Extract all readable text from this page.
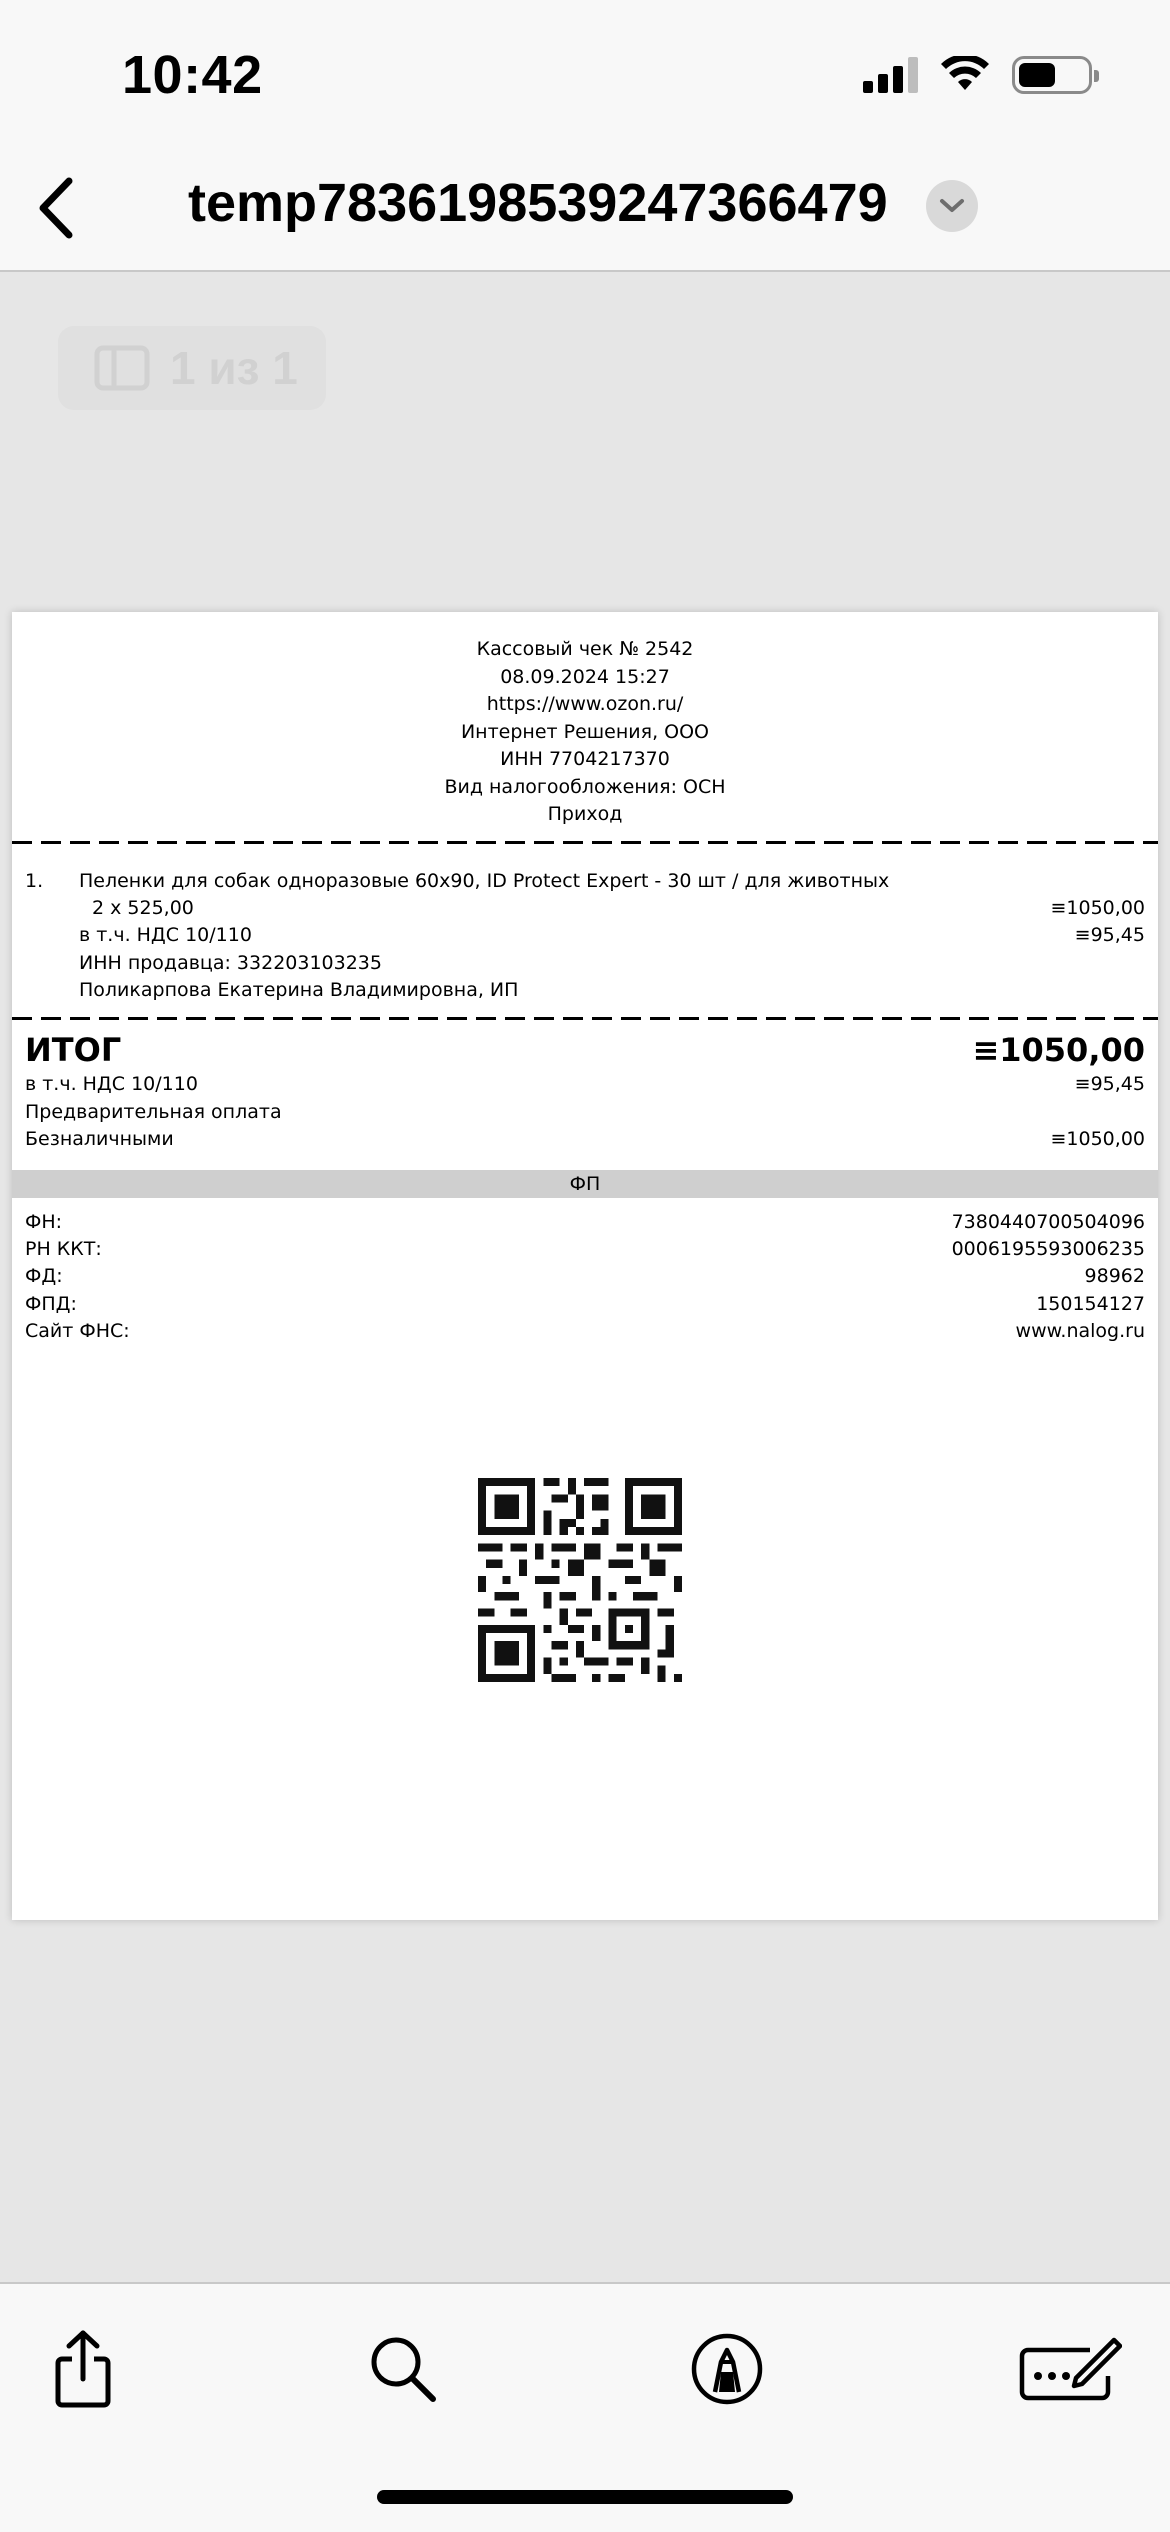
10:42
temp7836198539247366479
1 из 1
Кассовый чек № 2542
08.09.2024 15:27
https://www.ozon.ru/
Интернет Решения, ООО
ИНН 7704217370
Вид налогообложения: ОСН
Приход
1. Пеленки для собак одноразовые 60х90, ID Protect Expert - 30 шт / для животных
2 х 525,00	≡1050,00
в т.ч. НДС 10/110	≡95,45
ИНН продавца: 332203103235
Поликарпова Екатерина Владимировна, ИП
ИТОГ	≡1050,00
в т.ч. НДС 10/110	≡95,45
Предварительная оплата
Безналичными	≡1050,00
ФП
ФН:	7380440700504096
РН ККТ:	0006195593006235
ФД:	98962
ФПД:	150154127
Сайт ФНС:	www.nalog.ru
